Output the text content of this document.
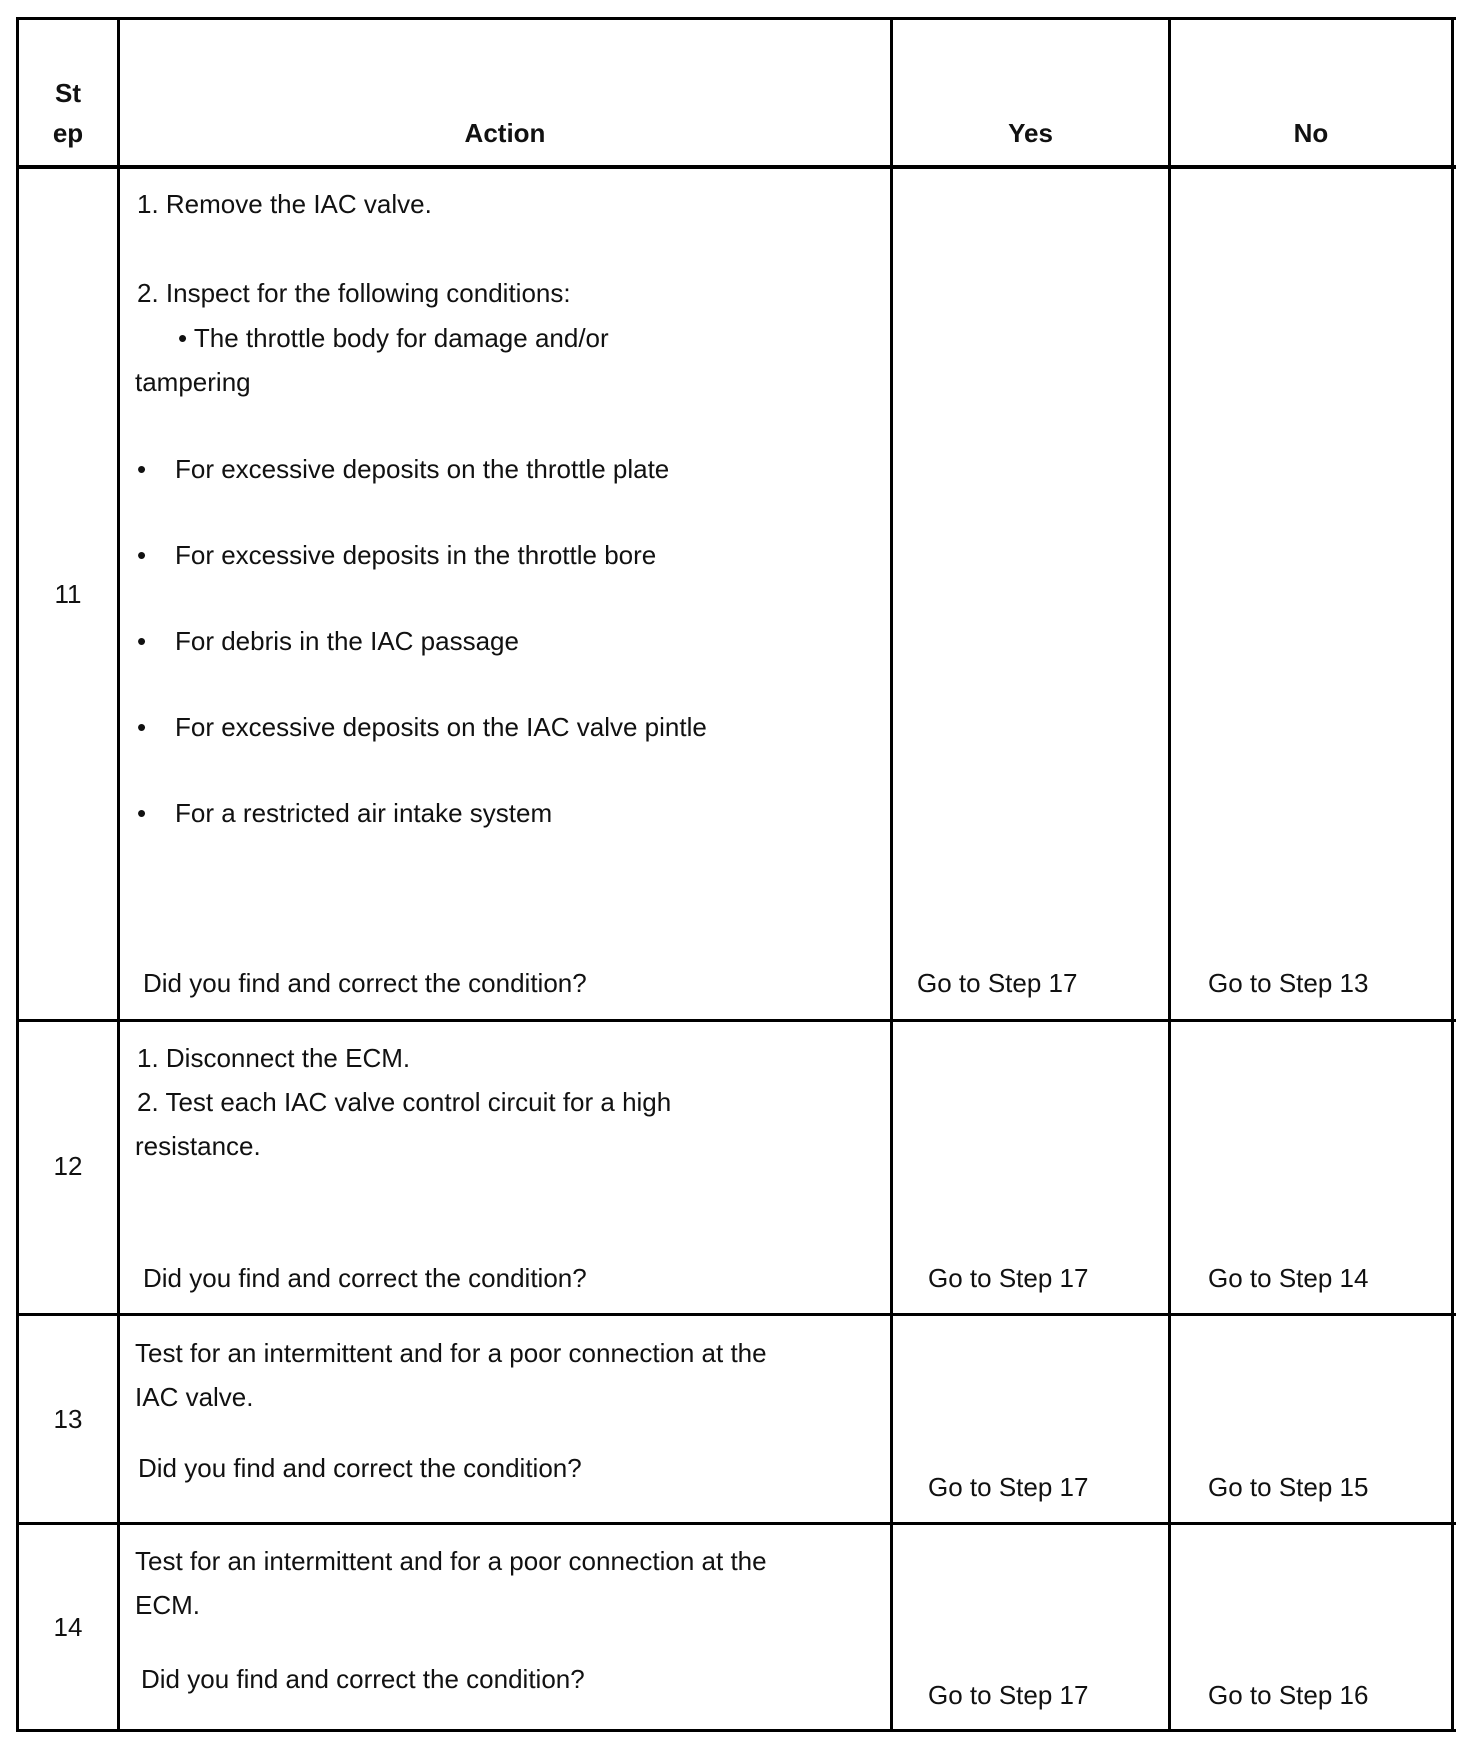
St
ep	Action	Yes	No
11
1. Remove the IAC valve.
2. Inspect for the following conditions:
• The throttle body for damage and/or
tampering
• For excessive deposits on the throttle plate
• For excessive deposits in the throttle bore
• For debris in the IAC passage
• For excessive deposits on the IAC valve pintle
• For a restricted air intake system
Did you find and correct the condition?	Go to Step 17	Go to Step 13
12
1. Disconnect the ECM.
2. Test each IAC valve control circuit for a high
resistance.
Did you find and correct the condition?	Go to Step 17	Go to Step 14
13
Test for an intermittent and for a poor connection at the
IAC valve.
Did you find and correct the condition?
Go to Step 17	Go to Step 15
14
Test for an intermittent and for a poor connection at the
ECM.
Did you find and correct the condition?
Go to Step 17	Go to Step 16
